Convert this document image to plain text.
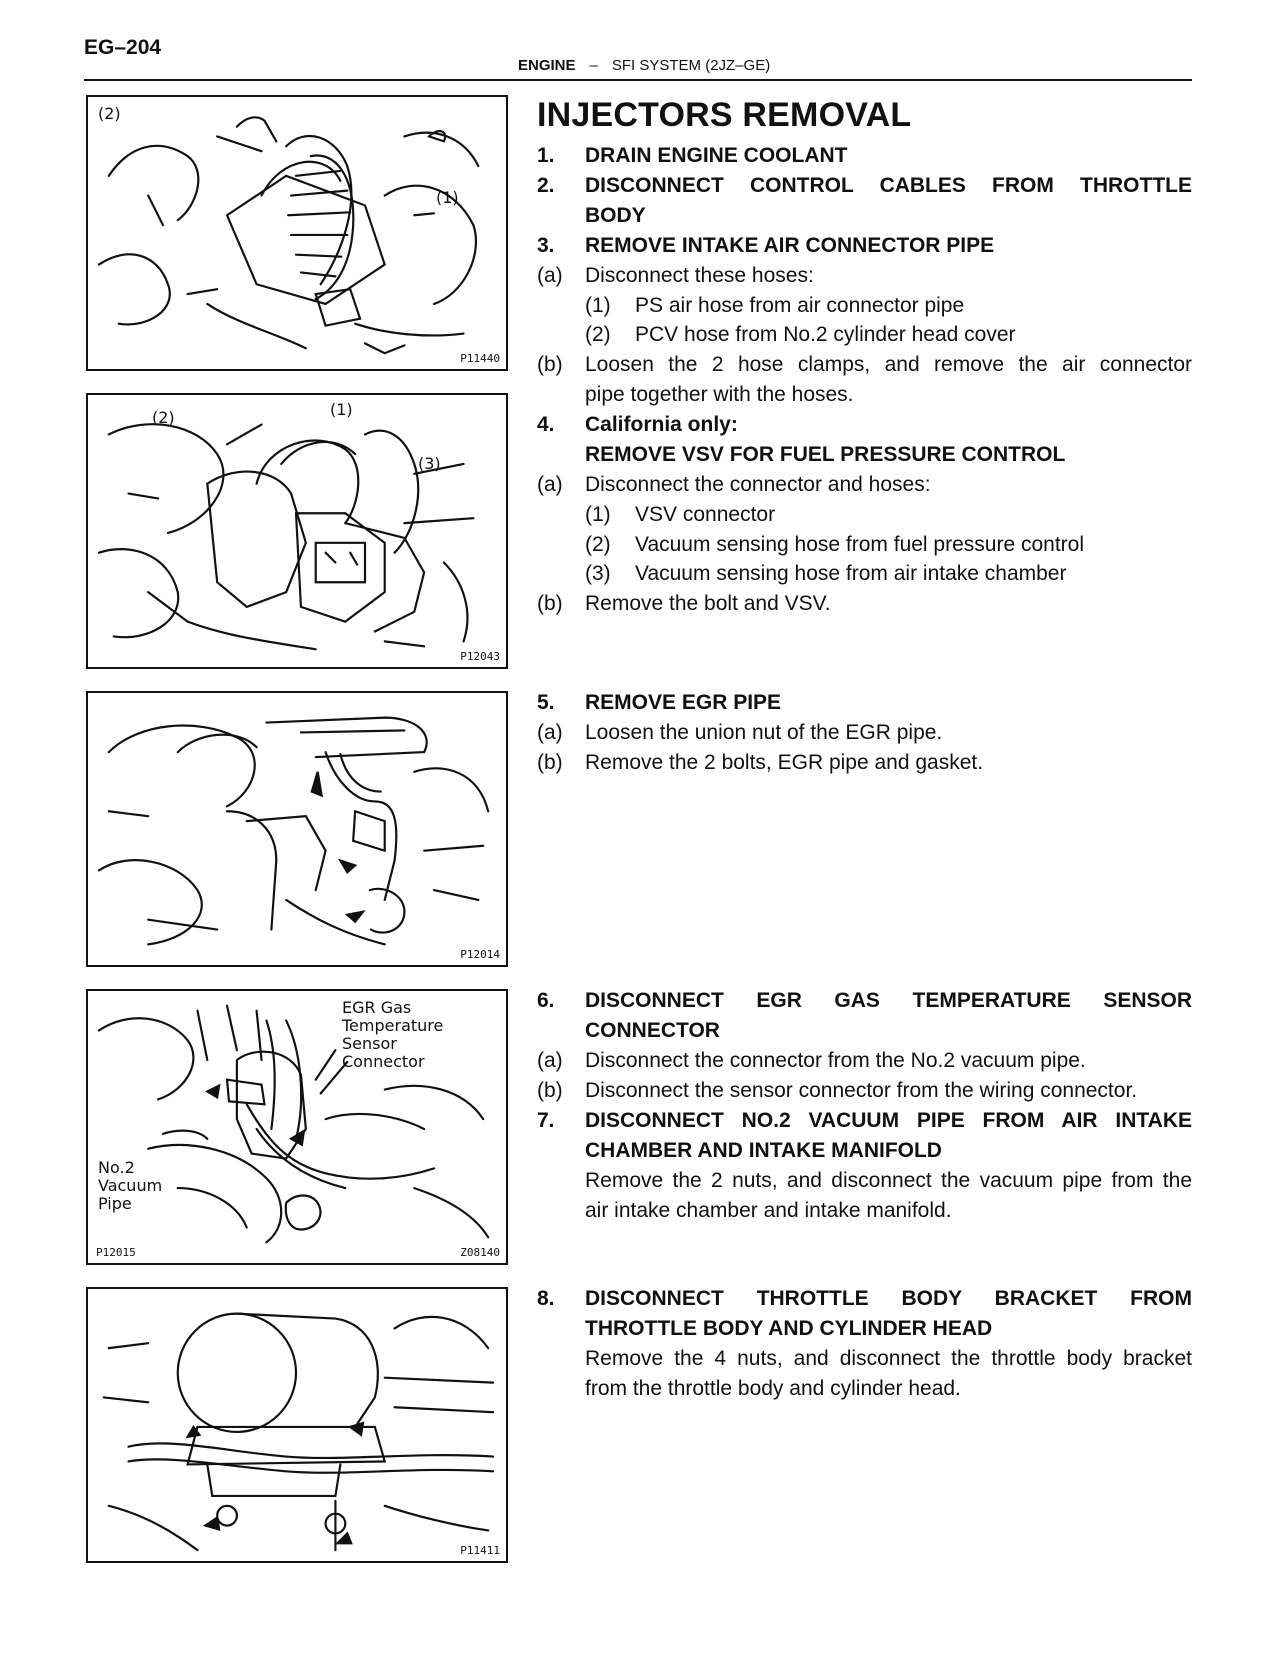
EG–204
ENGINE – SFI SYSTEM (2JZ–GE)
(2)
(1)
P11440
(2)	(1)
(3)
P12043
P12014
EGR Gas
Temperature
Sensor
Connector
No.2
Vacuum
Pipe
P12015	Z08140
P11411
INJECTORS REMOVAL
1. DRAIN ENGINE COOLANT
2. DISCONNECT CONTROL CABLES FROM THROTTLE
BODY
3. REMOVE INTAKE AIR CONNECTOR PIPE
(a) Disconnect these hoses:
(1) PS air hose from air connector pipe
(2) PCV hose from No.2 cylinder head cover
(b) Loosen the 2 hose clamps, and remove the air connector
pipe together with the hoses.
4. California only:
REMOVE VSV FOR FUEL PRESSURE CONTROL
(a) Disconnect the connector and hoses:
(1) VSV connector
(2) Vacuum sensing hose from fuel pressure control
(3) Vacuum sensing hose from air intake chamber
(b) Remove the bolt and VSV.
5. REMOVE EGR PIPE
(a) Loosen the union nut of the EGR pipe.
(b) Remove the 2 bolts, EGR pipe and gasket.
6. DISCONNECT EGR GAS TEMPERATURE SENSOR
CONNECTOR
(a) Disconnect the connector from the No.2 vacuum pipe.
(b) Disconnect the sensor connector from the wiring connector.
7. DISCONNECT NO.2 VACUUM PIPE FROM AIR INTAKE
CHAMBER AND INTAKE MANIFOLD
Remove the 2 nuts, and disconnect the vacuum pipe from the
air intake chamber and intake manifold.
8. DISCONNECT THROTTLE BODY BRACKET FROM
THROTTLE BODY AND CYLINDER HEAD
Remove the 4 nuts, and disconnect the throttle body bracket
from the throttle body and cylinder head.
